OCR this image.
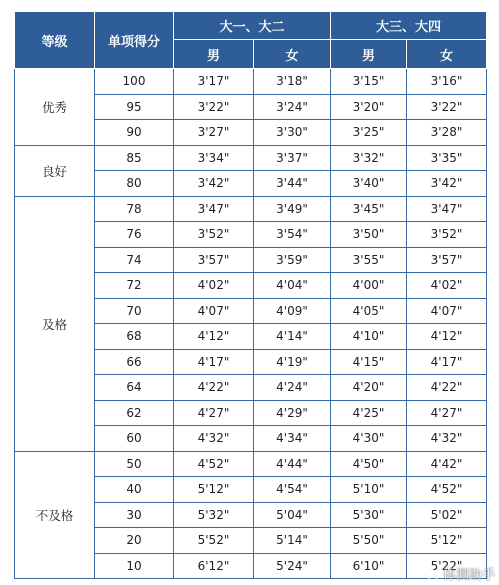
等级	单项得分	大一、大二		大三、大四	
		男	女	男	女
优秀	100	3'17"	3'18"	3'15"	3'16"
	95	3'22"	3'24"	3'20"	3'22"
	90	3'27"	3'30"	3'25"	3'28"
良好	85	3'34"	3'37"	3'32"	3'35"
	80	3'42"	3'44"	3'40"	3'42"
及格	78	3'47"	3'49"	3'45"	3'47"
	76	3'52"	3'54"	3'50"	3'52"
	74	3'57"	3'59"	3'55"	3'57"
	72	4'02"	4'04"	4'00"	4'02"
	70	4'07"	4'09"	4'05"	4'07"
	68	4'12"	4'14"	4'10"	4'12"
	66	4'17"	4'19"	4'15"	4'17"
	64	4'22"	4'24"	4'20"	4'22"
	62	4'27"	4'29"	4'25"	4'27"
	60	4'32"	4'34"	4'30"	4'32"
不及格	50	4'52"	4'44"	4'50"	4'42"
	40	5'12"	4'54"	5'10"	4'52"
	30	5'32"	5'04"	5'30"	5'02"
	20	5'52"	5'14"	5'50"	5'12"
	10	6'12"	5'24"	6'10"	5'22"
体测助手
